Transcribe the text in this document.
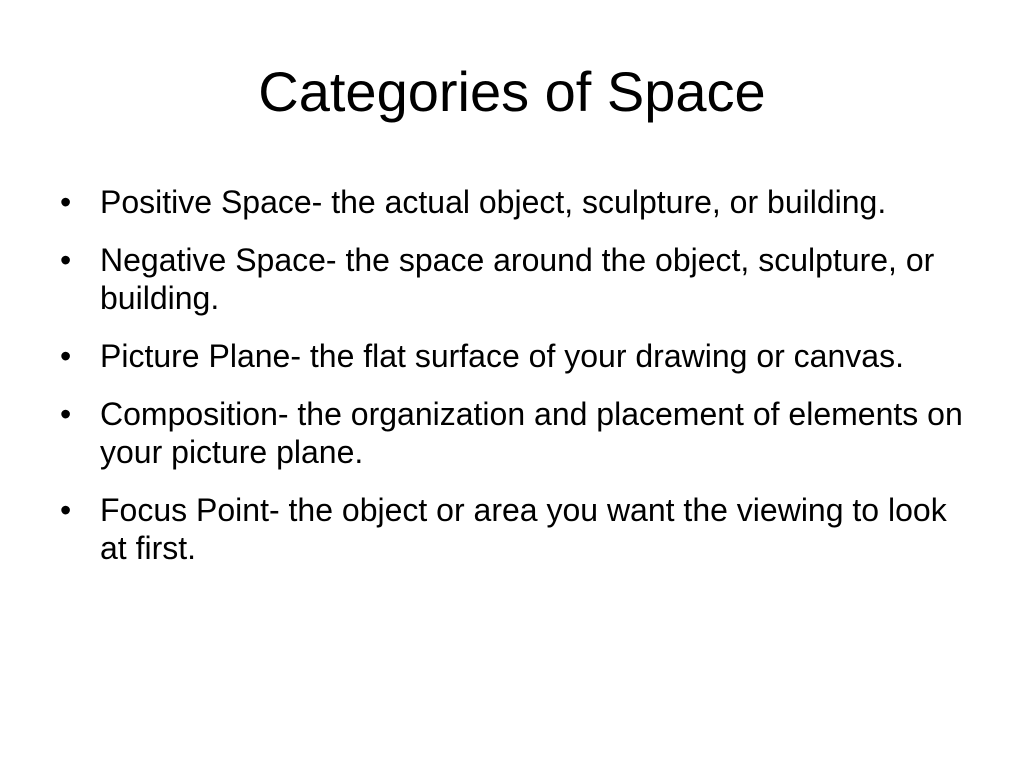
Categories of Space
• Positive Space- the actual object, sculpture, or building.
• Negative Space- the space around the object, sculpture, or building.
• Picture Plane- the flat surface of your drawing or canvas.
• Composition- the organization and placement of elements on your picture plane.
• Focus Point- the object or area you want the viewing to look at first.
